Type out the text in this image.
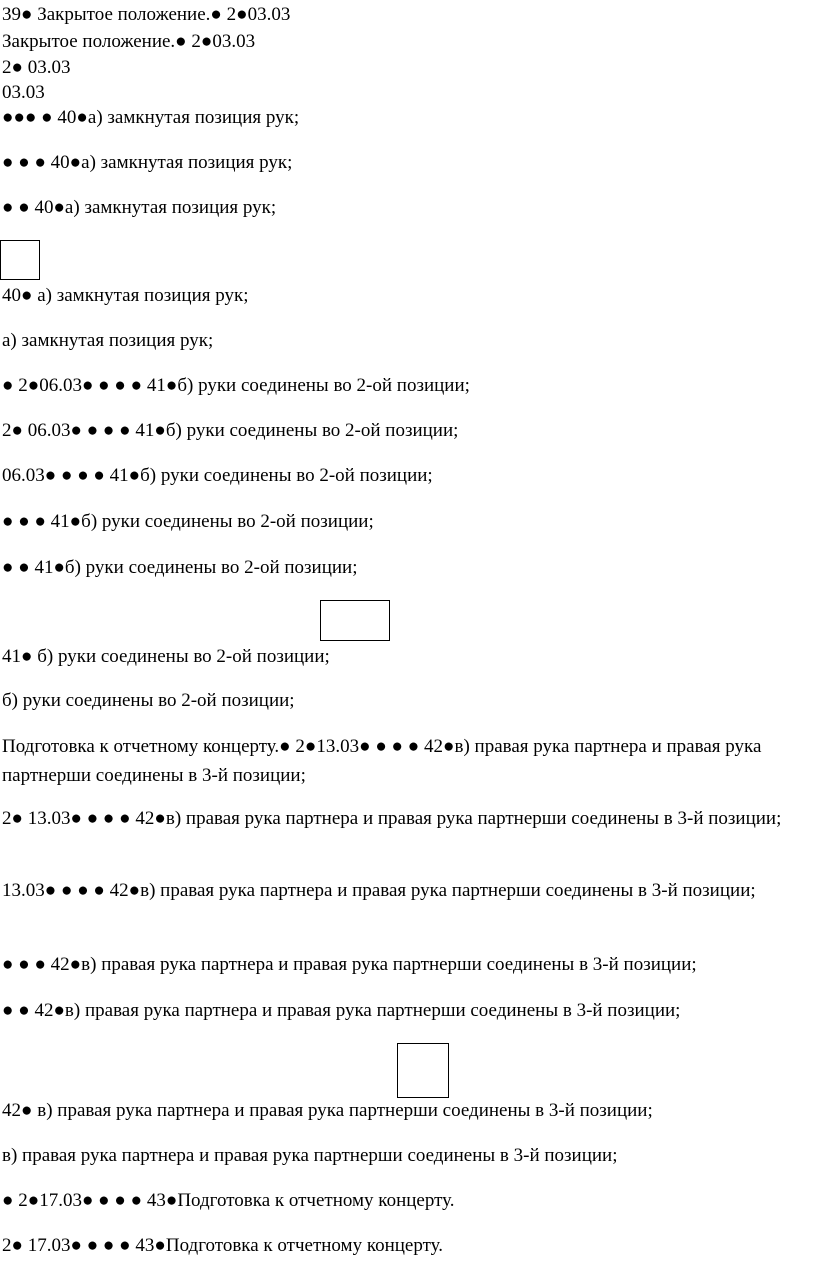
39● Закрытое положение.● 2●03.03
Закрытое положение.● 2●03.03
2● 03.03
03.03
●●● ● 40●а) замкнутая позиция рук;
● ● ● 40●а) замкнутая позиция рук;
● ● 40●а) замкнутая позиция рук;
40● а) замкнутая позиция рук;
а) замкнутая позиция рук;
● 2●06.03● ● ● ● 41●б) руки соединены во 2-ой позиции;
2● 06.03● ● ● ● 41●б) руки соединены во 2-ой позиции;
06.03● ● ● ● 41●б) руки соединены во 2-ой позиции;
● ● ● 41●б) руки соединены во 2-ой позиции;
● ● 41●б) руки соединены во 2-ой позиции;
41● б) руки соединены во 2-ой позиции;
б) руки соединены во 2-ой позиции;
Подготовка к отчетному концерту.● 2●13.03● ● ● ● 42●в) правая рука партнера и правая рука партнерши соединены в 3-й позиции;
2● 13.03● ● ● ● 42●в) правая рука партнера и правая рука партнерши соединены в 3-й позиции;
13.03● ● ● ● 42●в) правая рука партнера и правая рука партнерши соединены в 3-й позиции;
● ● ● 42●в) правая рука партнера и правая рука партнерши соединены в 3-й позиции;
● ● 42●в) правая рука партнера и правая рука партнерши соединены в 3-й позиции;
42● в) правая рука партнера и правая рука партнерши соединены в 3-й позиции;
в) правая рука партнера и правая рука партнерши соединены в 3-й позиции;
● 2●17.03● ● ● ● 43●Подготовка к отчетному концерту.
2● 17.03● ● ● ● 43●Подготовка к отчетному концерту.
